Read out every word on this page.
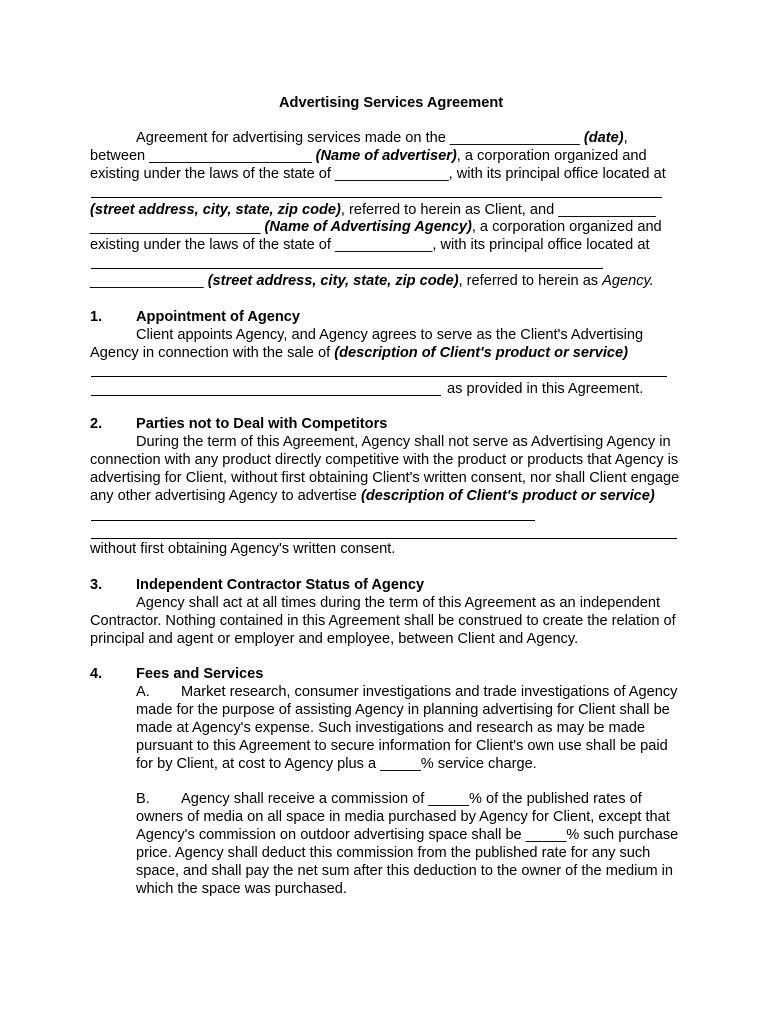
Advertising Services Agreement
Agreement for advertising services made on the ________________ (date),
between ____________________ (Name of advertiser), a corporation organized and
existing under the laws of the state of ______________, with its principal office located at
(street address, city, state, zip code), referred to herein as Client, and ____________
_____________________ (Name of Advertising Agency), a corporation organized and
existing under the laws of the state of ____________, with its principal office located at
______________ (street address, city, state, zip code), referred to herein as Agency.
1. Appointment of Agency
Client appoints Agency, and Agency agrees to serve as the Client's Advertising
Agency in connection with the sale of (description of Client's product or service)
as provided in this Agreement.
2. Parties not to Deal with Competitors
During the term of this Agreement, Agency shall not serve as Advertising Agency in
connection with any product directly competitive with the product or products that Agency is
advertising for Client, without first obtaining Client's written consent, nor shall Client engage
any other advertising Agency to advertise (description of Client's product or service)
without first obtaining Agency's written consent.
3. Independent Contractor Status of Agency
Agency shall act at all times during the term of this Agreement as an independent
Contractor. Nothing contained in this Agreement shall be construed to create the relation of
principal and agent or employer and employee, between Client and Agency.
4. Fees and Services
A. Market research, consumer investigations and trade investigations of Agency
made for the purpose of assisting Agency in planning advertising for Client shall be
made at Agency's expense. Such investigations and research as may be made
pursuant to this Agreement to secure information for Client's own use shall be paid
for by Client, at cost to Agency plus a _____% service charge.
B. Agency shall receive a commission of _____% of the published rates of
owners of media on all space in media purchased by Agency for Client, except that
Agency's commission on outdoor advertising space shall be _____% such purchase
price. Agency shall deduct this commission from the published rate for any such
space, and shall pay the net sum after this deduction to the owner of the medium in
which the space was purchased.
